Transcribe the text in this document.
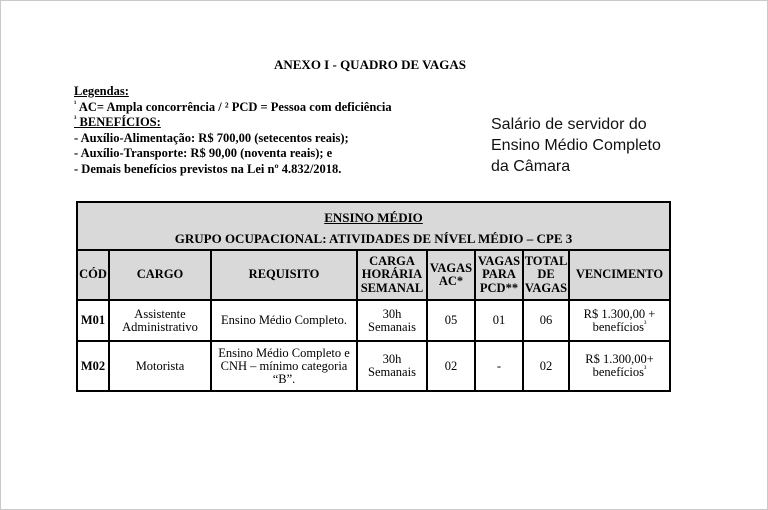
ANEXO I - QUADRO DE VAGAS
Legendas:
$^{^1}$ AC= Ampla concorrência / ² PCD = Pessoa com deficiência
$^{^3}$ BENEFÍCIOS:
- Auxílio-Alimentação: R$ 700,00 (setecentos reais);
- Auxílio-Transporte: R$ 90,00 (noventa reais); e
- Demais benefícios previstos na Lei nº 4.832/2018.
Salário de servidor do
Ensino Médio Completo
da Câmara
ENSINO MÉDIO
GRUPO OCUPACIONAL: ATIVIDADES DE NÍVEL MÉDIO – CPE 3							

CÓD	CARGO	REQUISITO	CARGA HORÁRIA SEMANAL	VAGAS AC*	VAGAS PARA PCD**	TOTAL DE VAGAS	VENCIMENTO
M01	Assistente Administrativo	Ensino Médio Completo.	30h Semanais	05	01	06	R$ 1.300,00 + benefícios$^{^3}$
M02	Motorista	Ensino Médio Completo e CNH – mínimo categoria “B”.	30h Semanais	02	-	02	R$ 1.300,00+ benefícios$^{^3}$
